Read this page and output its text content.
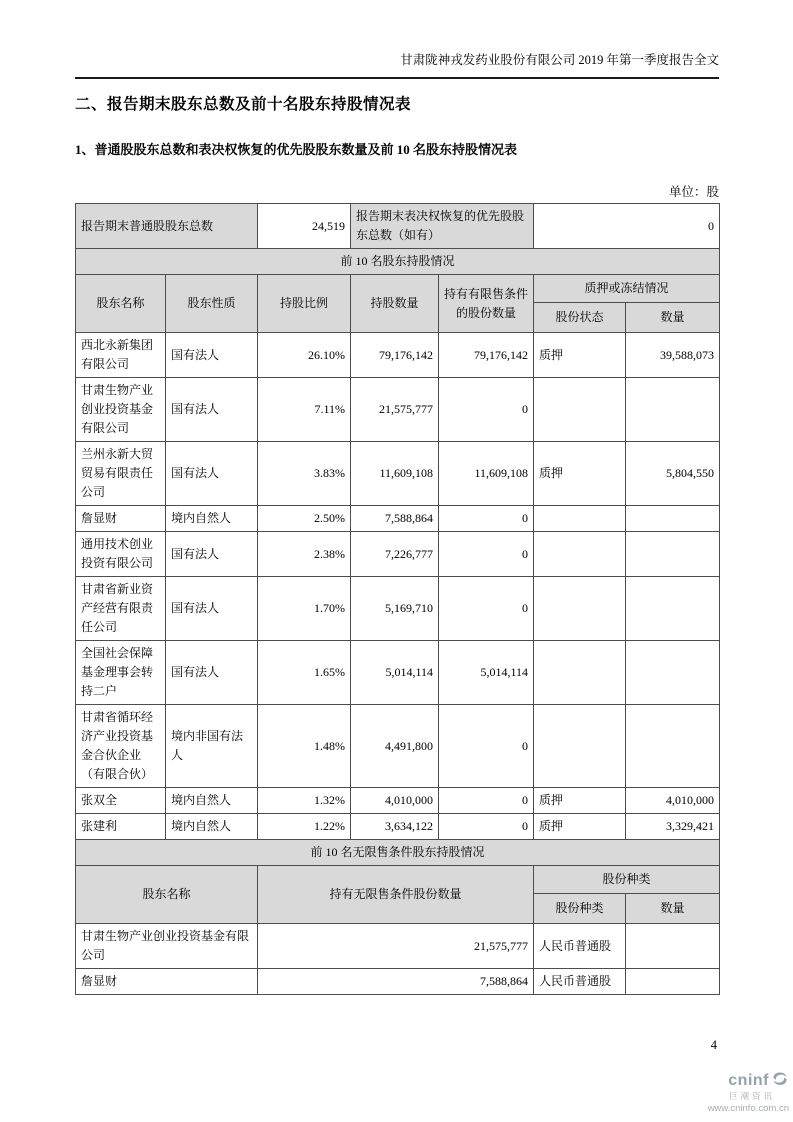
甘肃陇神戎发药业股份有限公司 2019 年第一季度报告全文
二、报告期末股东总数及前十名股东持股情况表
1、普通股股东总数和表决权恢复的优先股股东数量及前 10 名股东持股情况表
单位：股
报告期末普通股股东总数		24,519	报告期末表决权恢复的优先股股东总数（如有）		0	
前 10 名股东持股情况						
股东名称	股东性质	持股比例	持股数量	持有有限售条件 的股份数量	质押或冻结情况	
					股份状态	数量
西北永新集团有限公司	国有法人	26.10%	79,176,142	79,176,142	质押	39,588,073
甘肃生物产业创业投资基金有限公司	国有法人	7.11%	21,575,777	0		
兰州永新大贸贸易有限责任公司	国有法人	3.83%	11,609,108	11,609,108	质押	5,804,550
詹显财	境内自然人	2.50%	7,588,864	0		
通用技术创业投资有限公司	国有法人	2.38%	7,226,777	0		
甘肃省新业资产经营有限责任公司	国有法人	1.70%	5,169,710	0		
全国社会保障基金理事会转持二户	国有法人	1.65%	5,014,114	5,014,114		
甘肃省循环经济产业投资基金合伙企业（有限合伙）	境内非国有法人	1.48%	4,491,800	0		
张双全	境内自然人	1.32%	4,010,000	0	质押	4,010,000
张建利	境内自然人	1.22%	3,634,122	0	质押	3,329,421
前 10 名无限售条件股东持股情况						
股东名称		持有无限售条件股份数量			股份种类	
					股份种类	数量
甘肃生物产业创业投资基金有限公司		21,575,777			人民币普通股	
詹显财		7,588,864			人民币普通股	
4
cninf
巨潮资讯
www.cninfo.com.cn
